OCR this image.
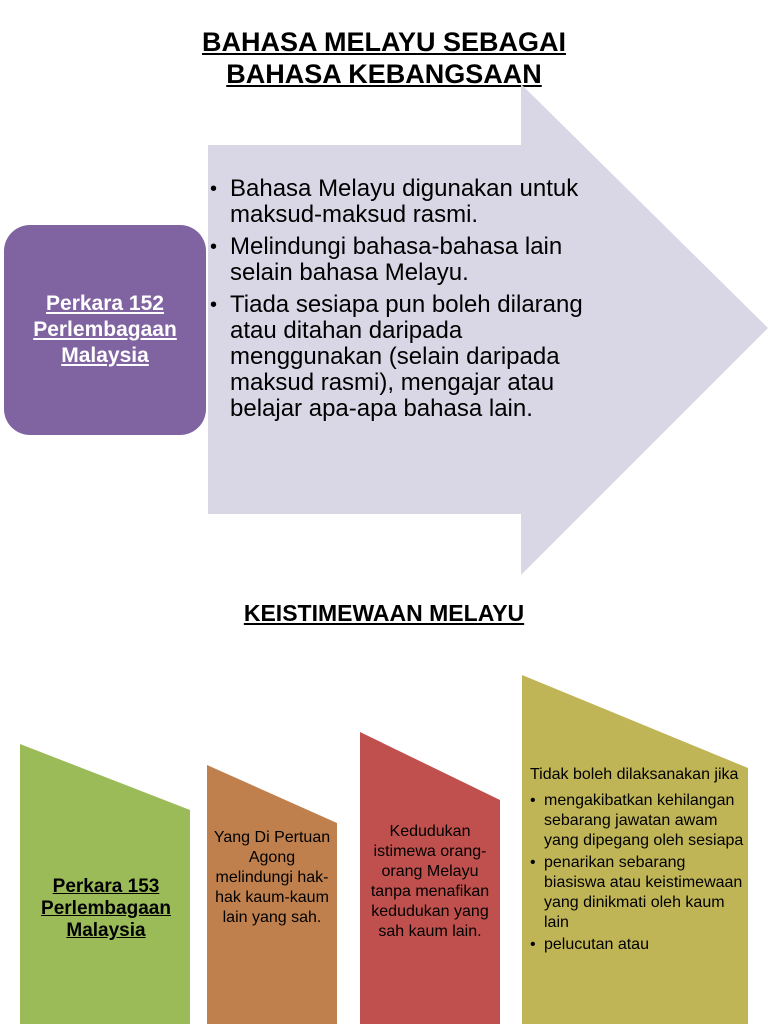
BAHASA MELAYU SEBAGAI
BAHASA KEBANGSAAN
Perkara 152 Perlembagaan Malaysia
• Bahasa Melayu digunakan untuk maksud-maksud rasmi.
• Melindungi bahasa-bahasa lain selain bahasa Melayu.
• Tiada sesiapa pun boleh dilarang atau ditahan daripada menggunakan (selain daripada maksud rasmi), mengajar atau belajar apa-apa bahasa lain.
KEISTIMEWAAN MELAYU
Perkara 153 Perlembagaan Malaysia
Yang Di Pertuan Agong melindungi hak-hak kaum-kaum lain yang sah.
Kedudukan istimewa orang-orang Melayu tanpa menafikan kedudukan yang sah kaum lain.
Tidak boleh dilaksanakan jika
• mengakibatkan kehilangan sebarang jawatan awam yang dipegang oleh sesiapa
• penarikan sebarang biasiswa atau keistimewaan yang dinikmati oleh kaum lain
• pelucutan atau
